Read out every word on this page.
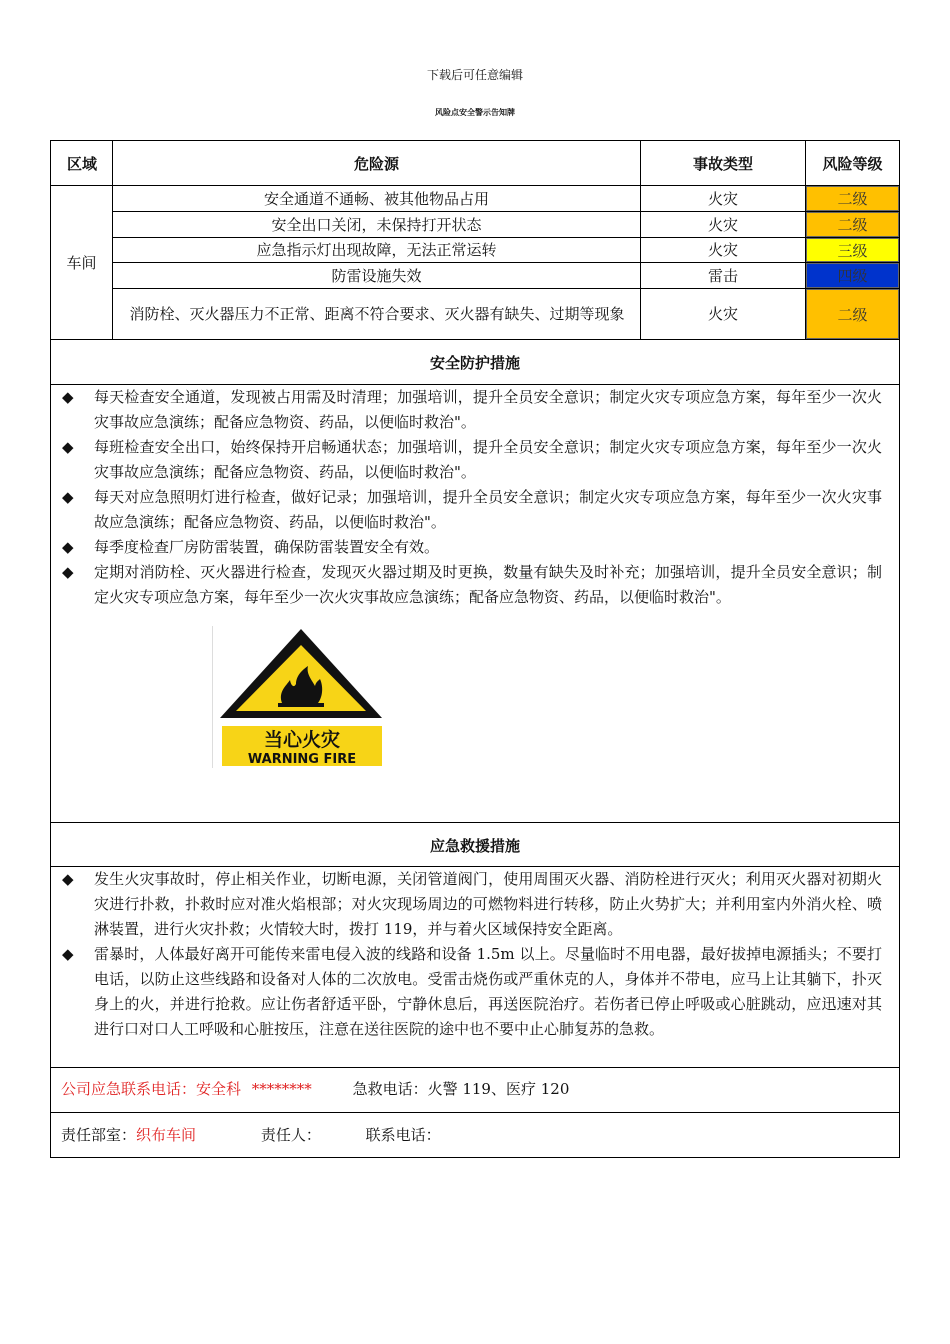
下载后可任意编辑
风险点安全警示告知牌
区域	危险源	事故类型	风险等级
车间
安全通道不通畅、被其他物品占用	火灾	二级
安全出口关闭，未保持打开状态	火灾	二级
应急指示灯出现故障，无法正常运转	火灾	三级
防雷设施失效	雷击	四级
消防栓、灭火器压力不正常、距离不符合要求、灭火器有缺失、过期等现象	火灾	二级
安全防护措施
◆ 每天检查安全通道，发现被占用需及时清理；加强培训，提升全员安全意识；制定火灾专项应急方案，每年至少一次火灾事故应急演练；配备应急物资、药品，以便临时救治"。
◆ 每班检查安全出口，始终保持开启畅通状态；加强培训，提升全员安全意识；制定火灾专项应急方案，每年至少一次火灾事故应急演练；配备应急物资、药品，以便临时救治"。
◆ 每天对应急照明灯进行检查，做好记录；加强培训，提升全员安全意识；制定火灾专项应急方案，每年至少一次火灾事故应急演练；配备应急物资、药品，以便临时救治"。
◆ 每季度检查厂房防雷装置，确保防雷装置安全有效。
◆ 定期对消防栓、灭火器进行检查，发现灭火器过期及时更换，数量有缺失及时补充；加强培训，提升全员安全意识；制定火灾专项应急方案，每年至少一次火灾事故应急演练；配备应急物资、药品，以便临时救治"。
当心火灾
WARNING FIRE
应急救援措施
◆ 发生火灾事故时，停止相关作业，切断电源，关闭管道阀门，使用周围灭火器、消防栓进行灭火；利用灭火器对初期火灾进行扑救，扑救时应对准火焰根部；对火灾现场周边的可燃物料进行转移，防止火势扩大；并利用室内外消火栓、喷淋装置，进行火灾扑救；火情较大时，拨打 119，并与着火区域保持安全距离。
◆ 雷暴时，人体最好离开可能传来雷电侵入波的线路和设备 1.5m 以上。尽量临时不用电器，最好拔掉电源插头；不要打电话，以防止这些线路和设备对人体的二次放电。受雷击烧伤或严重休克的人，身体并不带电，应马上让其躺下，扑灭身上的火，并进行抢救。应让伤者舒适平卧，宁静休息后，再送医院治疗。若伤者已停止呼吸或心脏跳动，应迅速对其进行口对口人工呼吸和心脏按压，注意在送往医院的途中也不要中止心肺复苏的急救。
公司应急联系电话：安全科 ********	急救电话：火警 119、医疗 120
责任部室：织布车间	责任人：	联系电话：
